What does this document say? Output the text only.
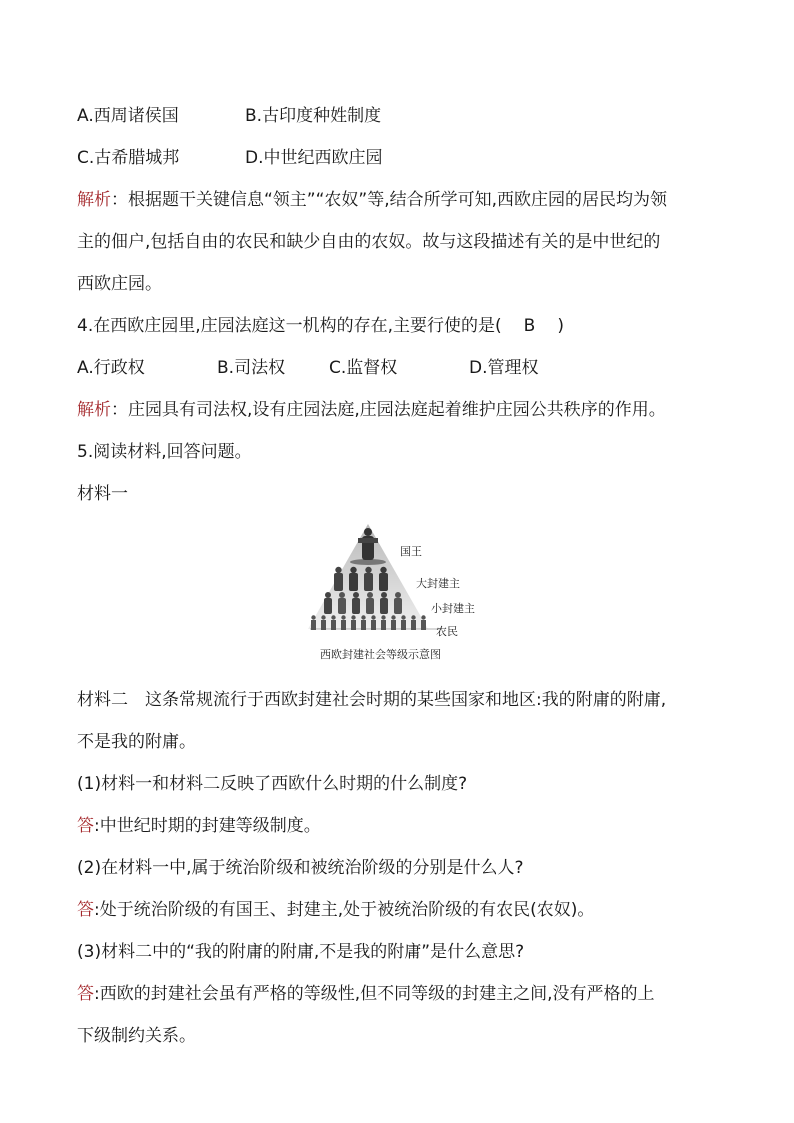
A.西周诸侯国	B.古印度种姓制度
C.古希腊城邦	D.中世纪西欧庄园
解析：根据题干关键信息“领主”“农奴”等,结合所学可知,西欧庄园的居民均为领
主的佃户,包括自由的农民和缺少自由的农奴。故与这段描述有关的是中世纪的
西欧庄园。
4.在西欧庄园里,庄园法庭这一机构的存在,主要行使的是( B )
A.行政权	B.司法权	C.监督权	D.管理权
解析：庄园具有司法权,设有庄园法庭,庄园法庭起着维护庄园公共秩序的作用。
5.阅读材料,回答问题。
材料一
国王
大封建主
小封建主
农民
西欧封建社会等级示意图
材料二　这条常规流行于西欧封建社会时期的某些国家和地区:我的附庸的附庸,
不是我的附庸。
(1)材料一和材料二反映了西欧什么时期的什么制度?
答:中世纪时期的封建等级制度。
(2)在材料一中,属于统治阶级和被统治阶级的分别是什么人?
答:处于统治阶级的有国王、封建主,处于被统治阶级的有农民(农奴)。
(3)材料二中的“我的附庸的附庸,不是我的附庸”是什么意思?
答:西欧的封建社会虽有严格的等级性,但不同等级的封建主之间,没有严格的上
下级制约关系。
